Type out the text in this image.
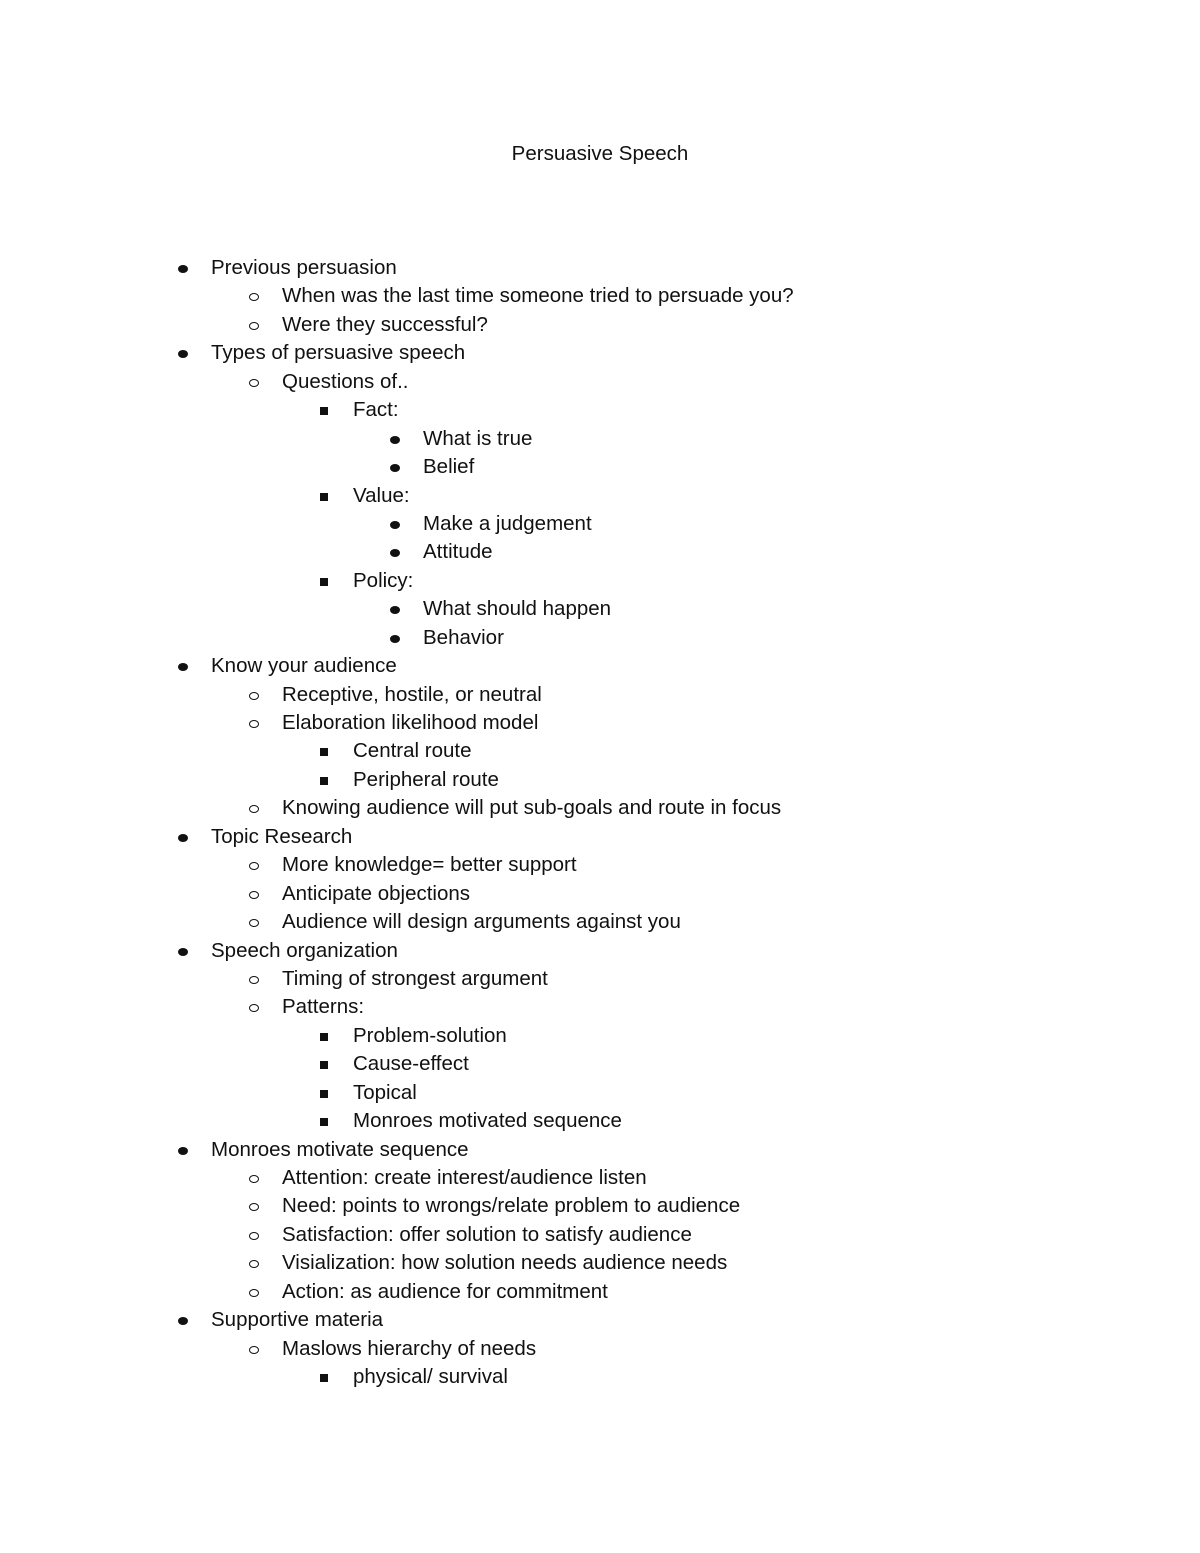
Persuasive Speech
Previous persuasion
When was the last time someone tried to persuade you?
Were they successful?
Types of persuasive speech
Questions of..
Fact:
What is true
Belief
Value:
Make a judgement
Attitude
Policy:
What should happen
Behavior
Know your audience
Receptive, hostile, or neutral
Elaboration likelihood model
Central route
Peripheral route
Knowing audience will put sub-goals and route in focus
Topic Research
More knowledge= better support
Anticipate objections
Audience will design arguments against you
Speech organization
Timing of strongest argument
Patterns:
Problem-solution
Cause-effect
Topical
Monroes motivated sequence
Monroes motivate sequence
Attention: create interest/audience listen
Need: points to wrongs/relate problem to audience
Satisfaction: offer solution to satisfy audience
Visialization: how solution needs audience needs
Action: as audience for commitment
Supportive materia
Maslows hierarchy of needs
physical/ survival
